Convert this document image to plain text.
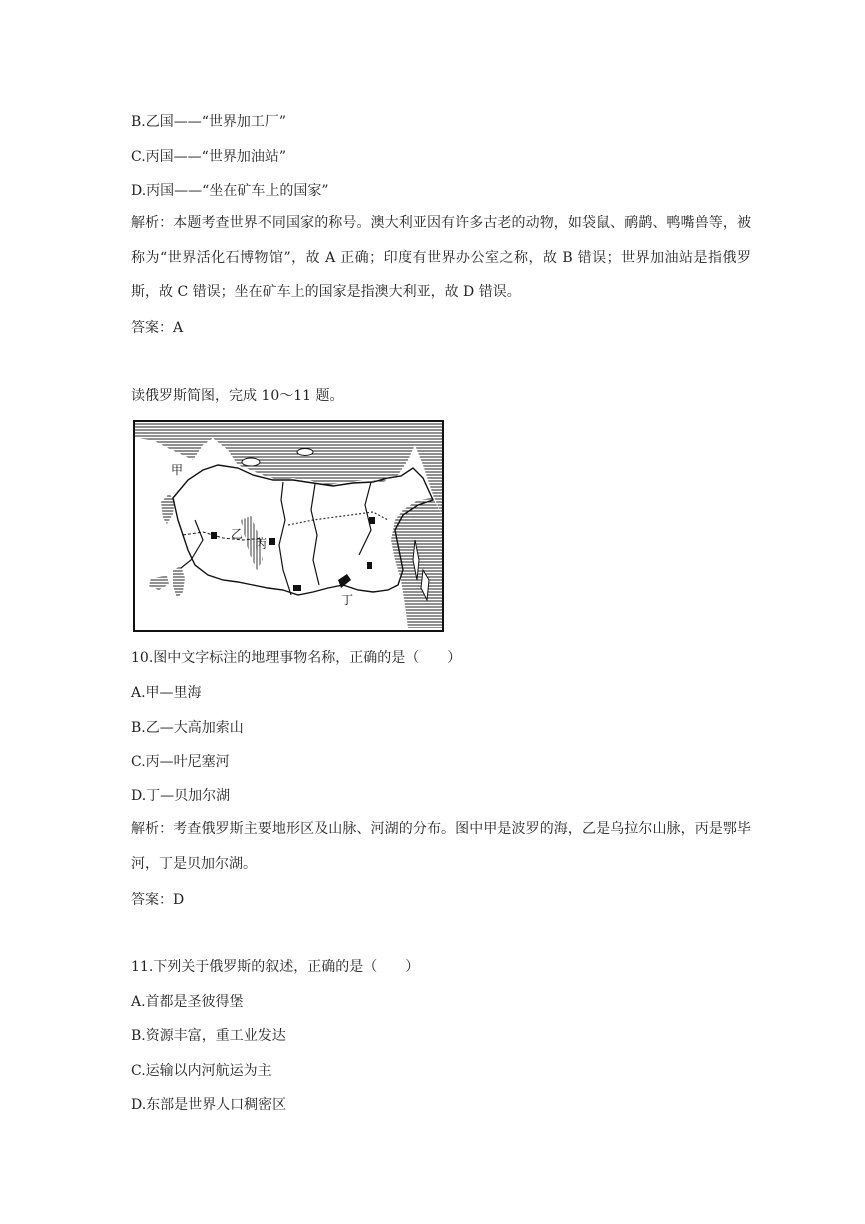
B.乙国——“世界加工厂”
C.丙国——“世界加油站”
D.丙国——“坐在矿车上的国家”
解析：本题考查世界不同国家的称号。澳大利亚因有许多古老的动物，如袋鼠、鸸鹋、鸭嘴兽等，被称为“世界活化石博物馆”，故 A 正确；印度有世界办公室之称，故 B 错误；世界加油站是指俄罗斯，故 C 错误；坐在矿车上的国家是指澳大利亚，故 D 错误。
答案：A
读俄罗斯简图，完成 10～11 题。
甲
乙
丙
丁
10.图中文字标注的地理事物名称，正确的是（　　）
A.甲—里海
B.乙—大高加索山
C.丙—叶尼塞河
D.丁—贝加尔湖
解析：考查俄罗斯主要地形区及山脉、河湖的分布。图中甲是波罗的海，乙是乌拉尔山脉，丙是鄂毕河，丁是贝加尔湖。
答案：D
11.下列关于俄罗斯的叙述，正确的是（　　）
A.首都是圣彼得堡
B.资源丰富，重工业发达
C.运输以内河航运为主
D.东部是世界人口稠密区
